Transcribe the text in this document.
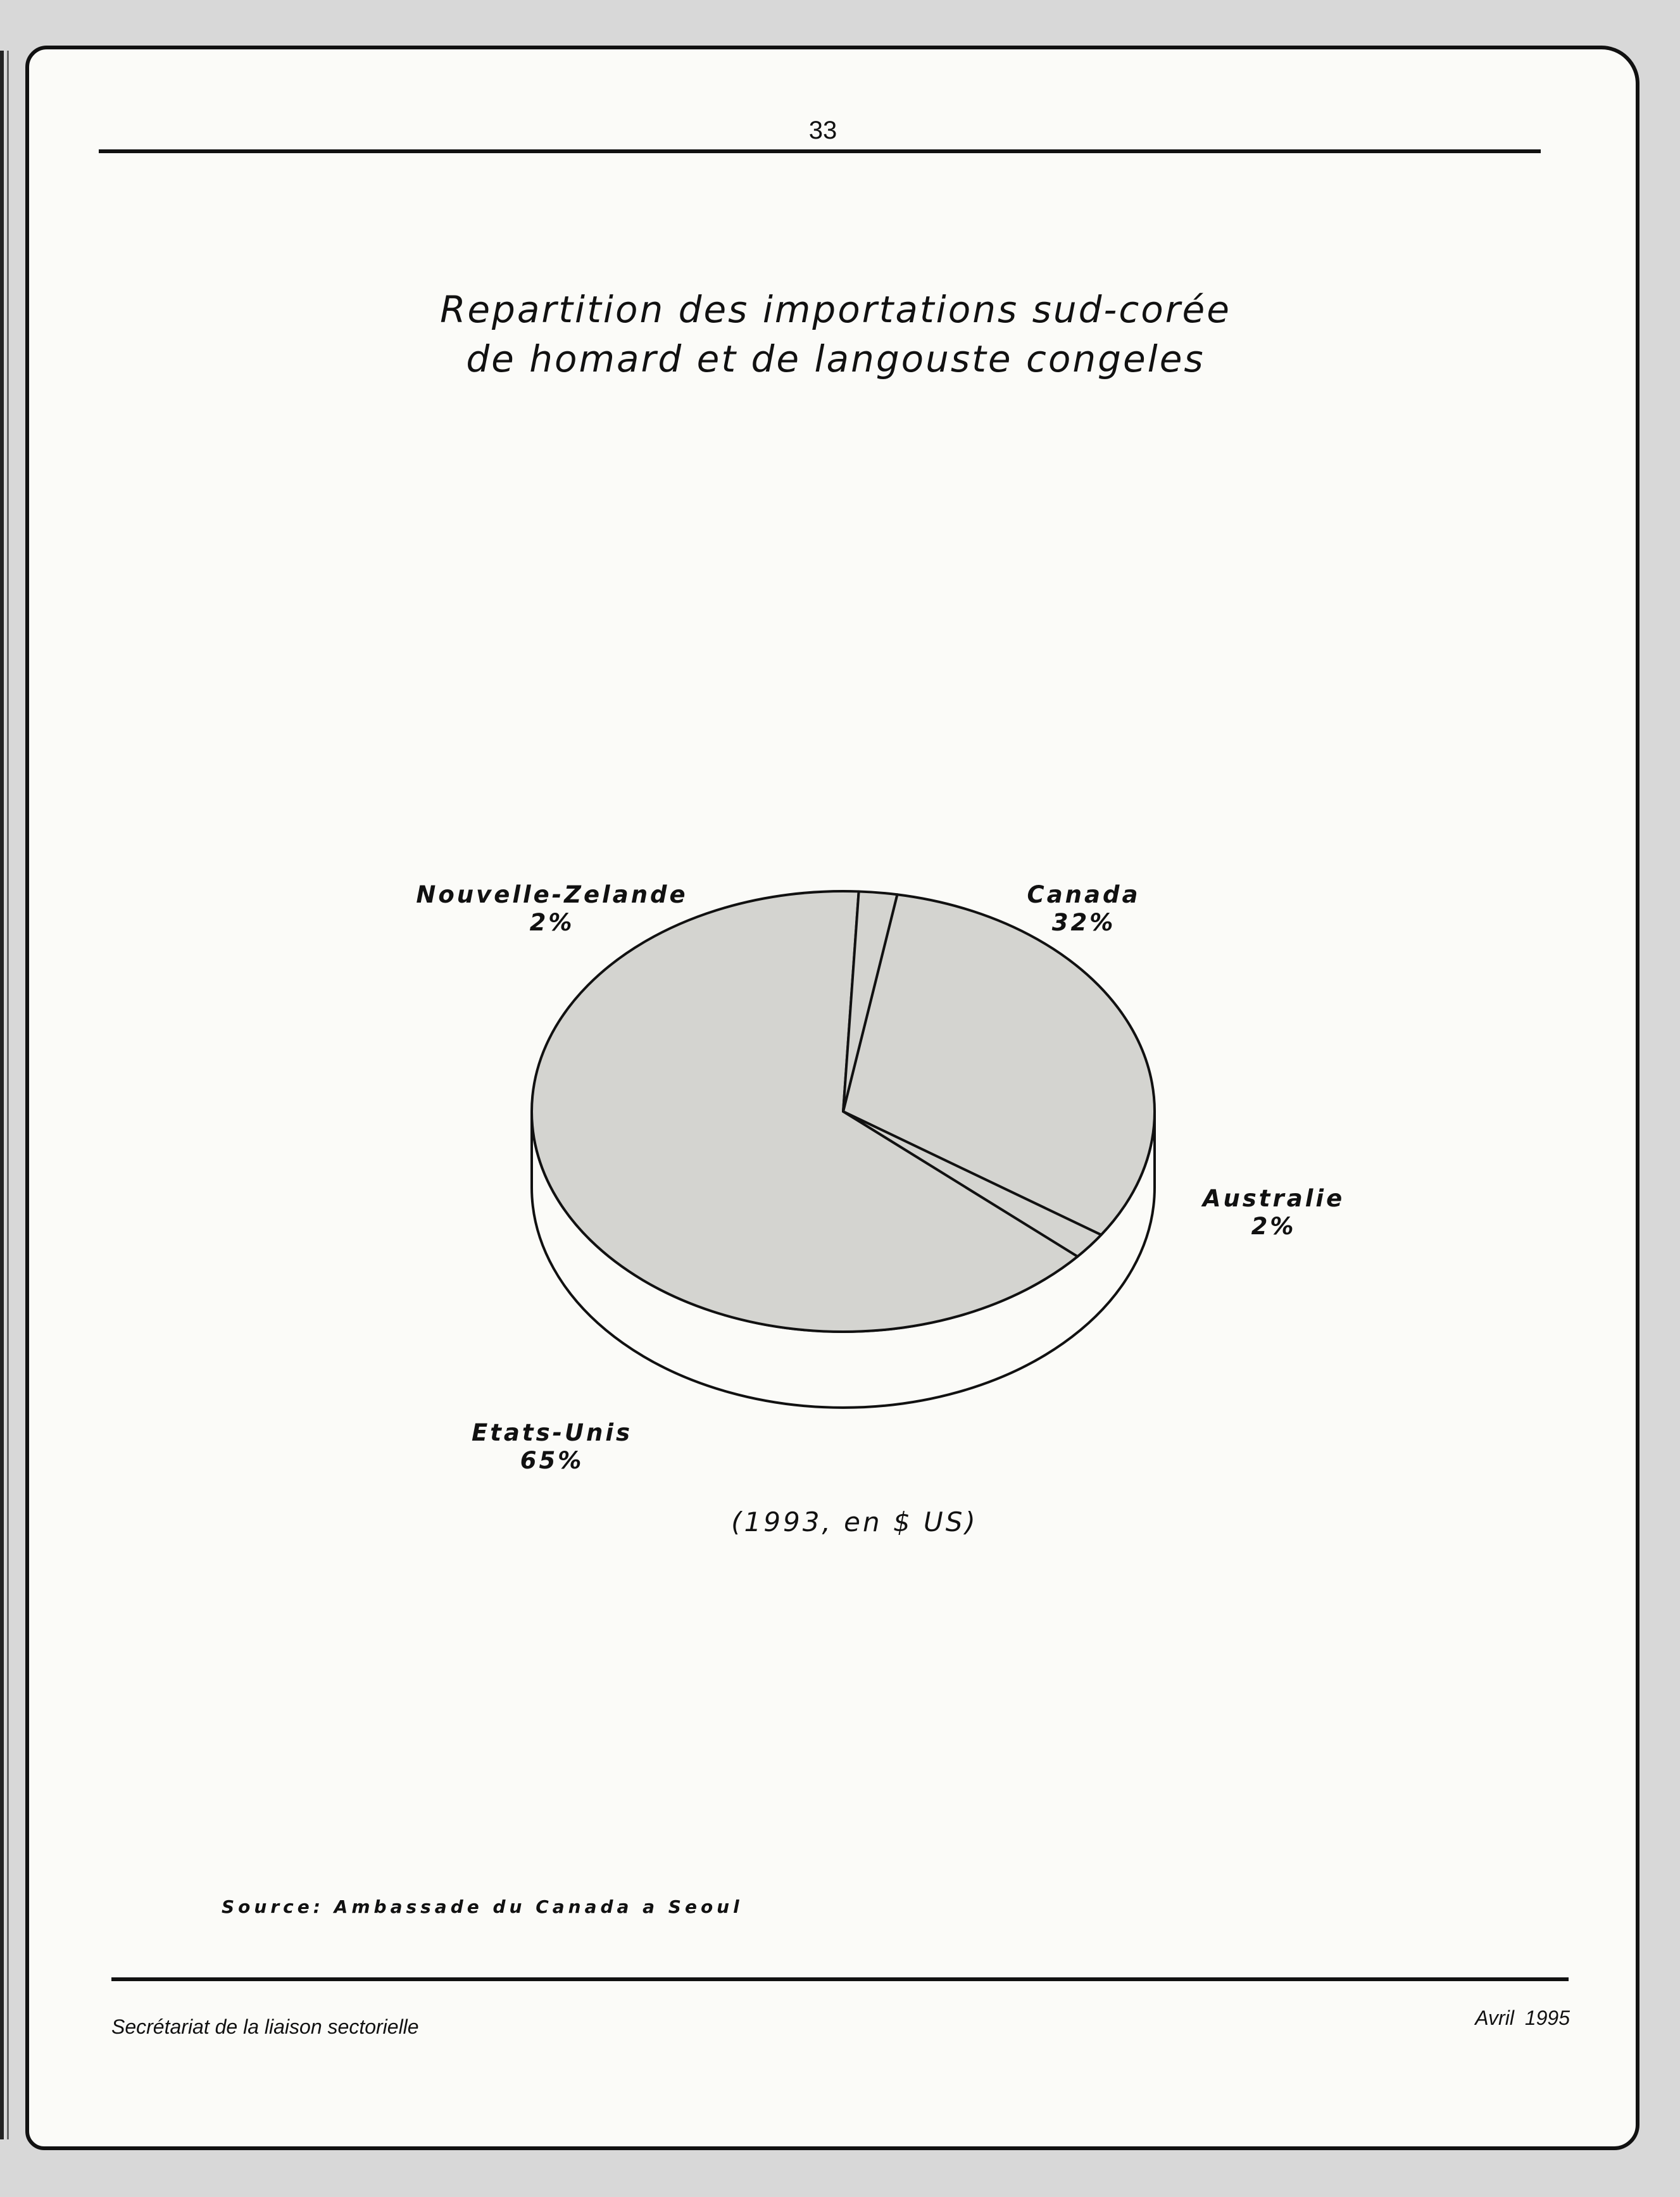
33
Repartition des importations sud-corée
de homard et de langouste congeles
Canada
32%
Australie
2%
Etats-Unis
65%
Nouvelle-Zelande
2%
(1993, en $ US)
Source: Ambassade du Canada a Seoul
Secrétariat de la liaison sectorielle	Avril 1995
